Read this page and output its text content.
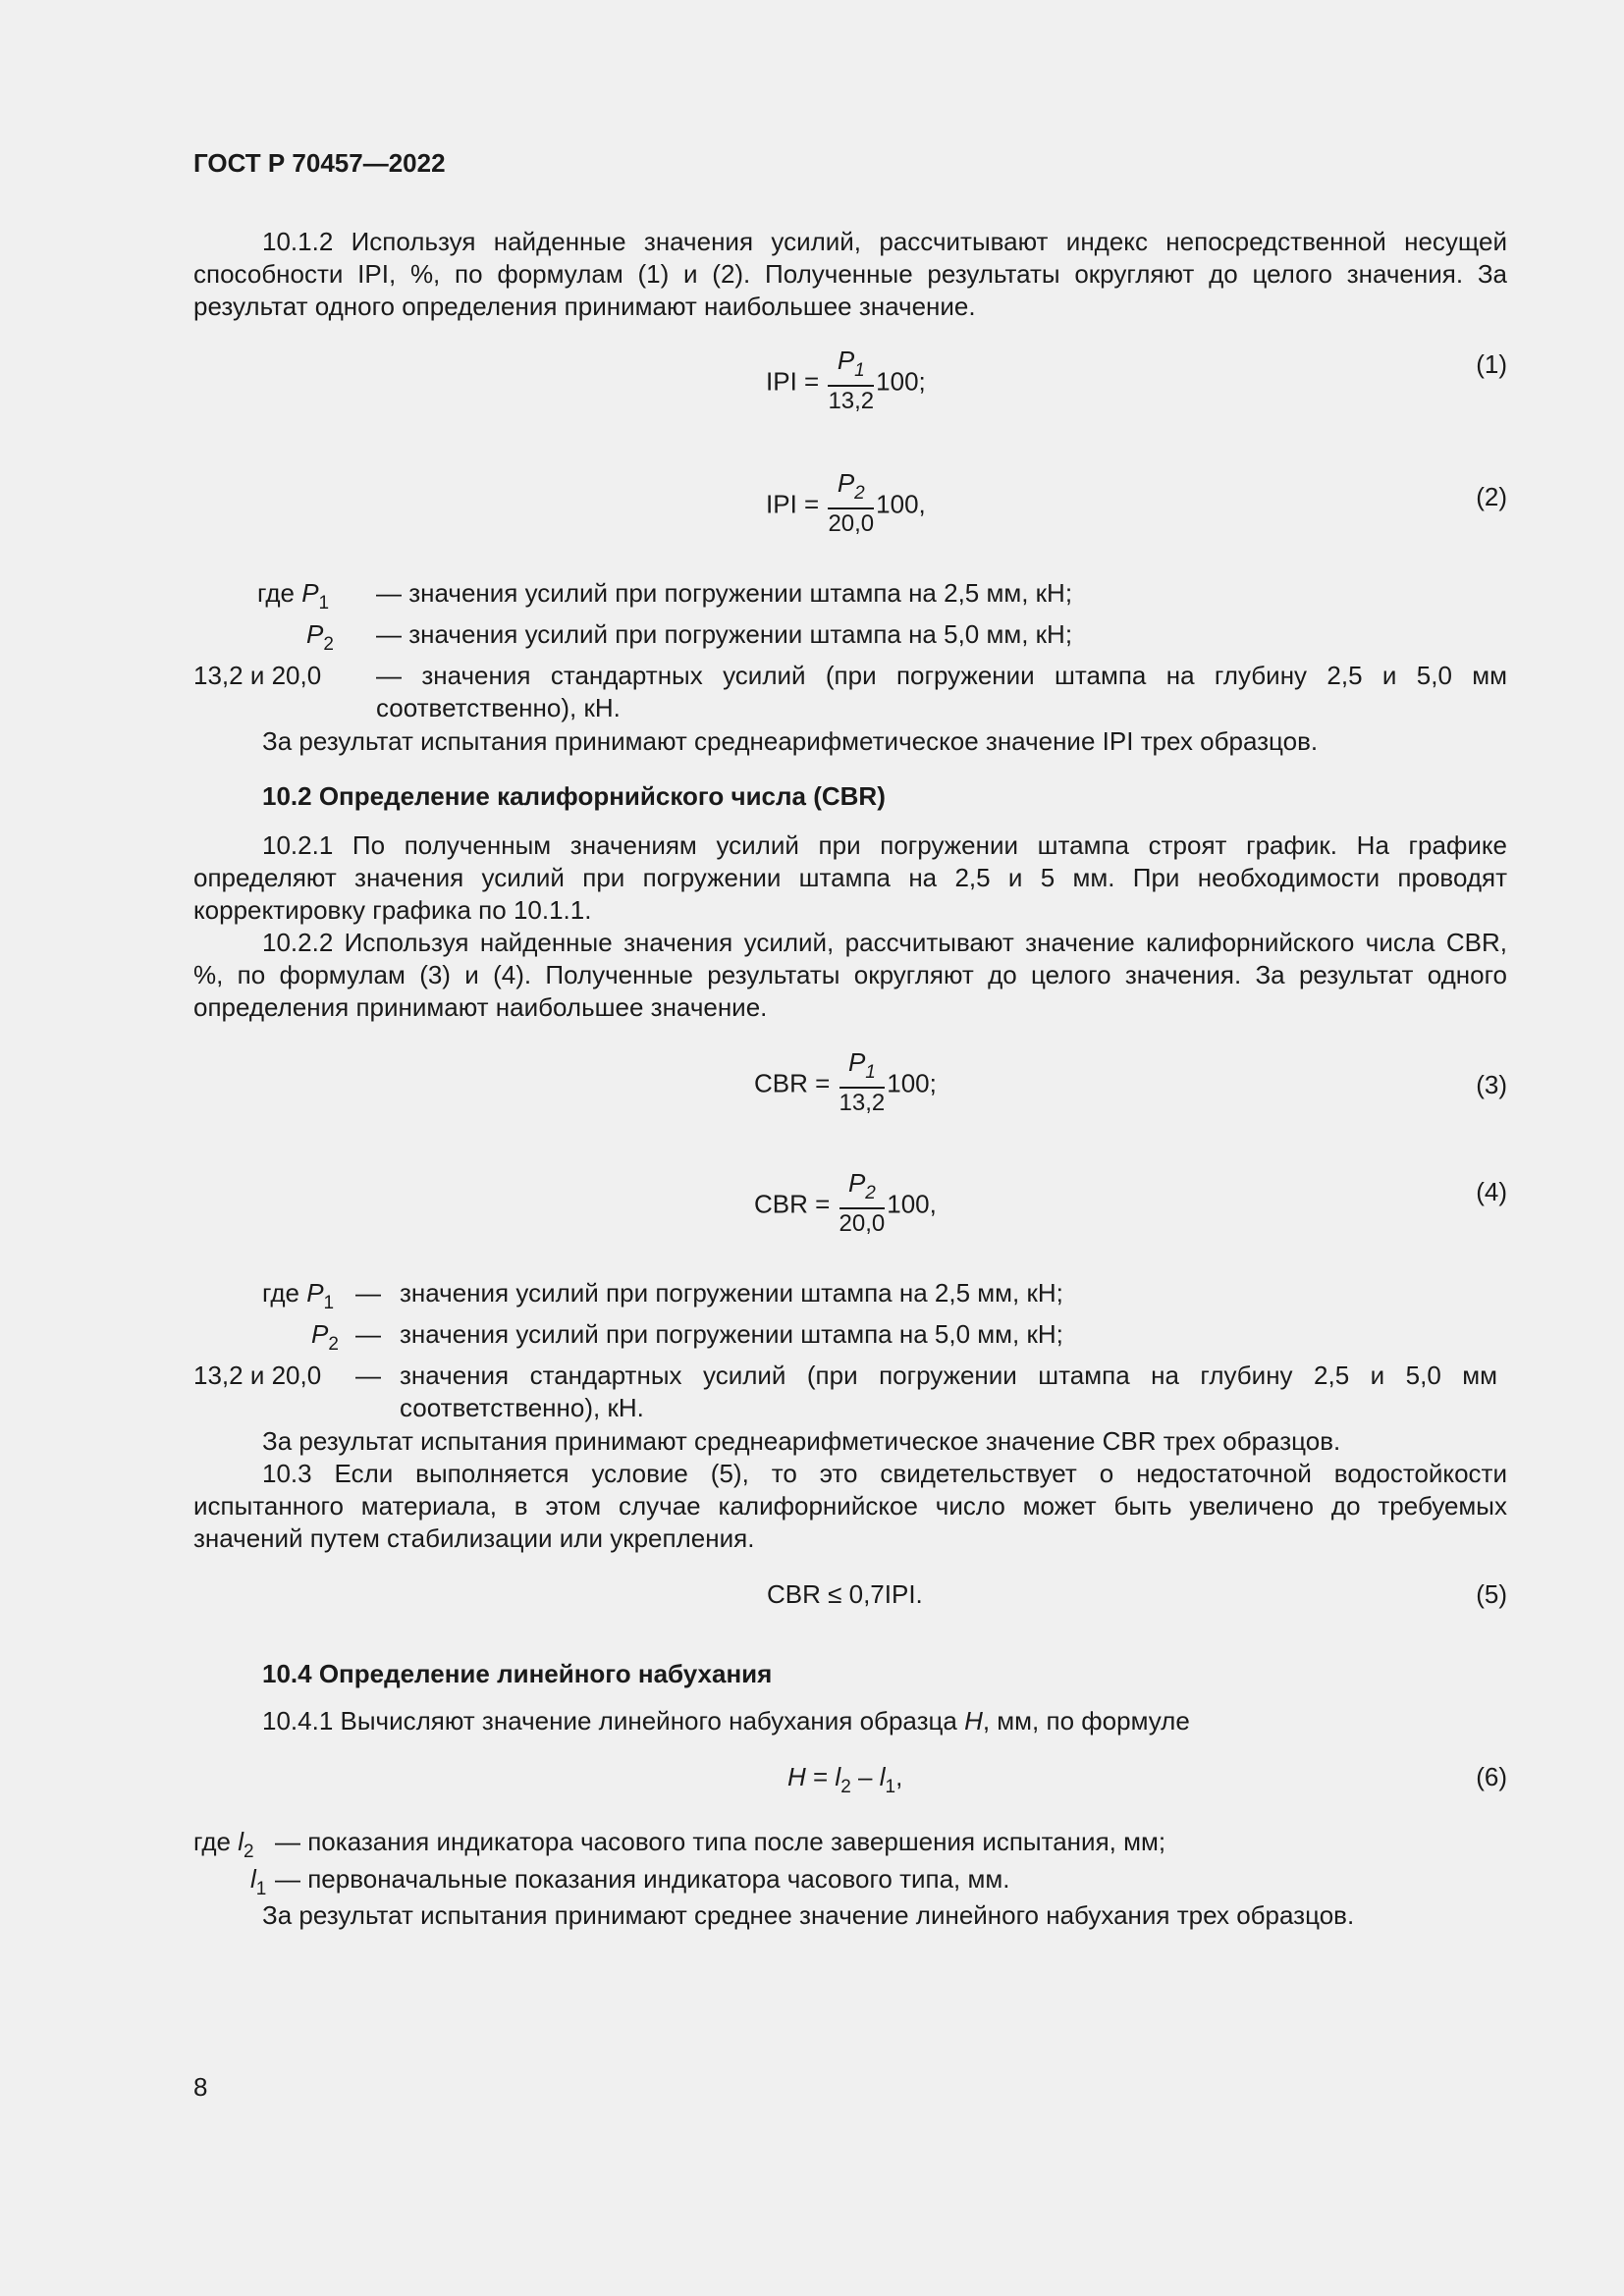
ГОСТ Р 70457—2022

10.1.2 Используя найденные значения усилий, рассчитывают индекс непосредственной несущей способности IPI, %, по формулам (1) и (2). Полученные результаты округляют до целого значения. За результат одного определения принимают наибольшее значение.

IPI = $\frac{P_1}{13,2} 100$;
(1)
IPI = $\frac{P_2}{20,0} 100$,	(2)
где $P_1$	— значения усилий при погружении штампа на 2,5 мм, кН;
$P_2$	— значения усилий при погружении штампа на 5,0 мм, кН;
13,2 и 20,0	— значения стандартных усилий (при погружении штампа на глубину 2,5 и 5,0 мм
соответственно), кН.
За результат испытания принимают среднеарифметическое значение IPI трех образцов.
10.2 Определение калифорнийского числа (CBR)

10.2.1 По полученным значениям усилий при погружении штампа строят график. На графике определяют значения усилий при погружении штампа на 2,5 и 5 мм. При необходимости проводят корректировку графика по 10.1.1.

10.2.2 Используя найденные значения усилий, рассчитывают значение калифорнийского числа CBR, %, по формулам (3) и (4). Полученные результаты округляют до целого значения. За результат одного определения принимают наибольшее значение.

CBR = $\frac{P_1}{13,2} 100$;	(3)
CBR = $\frac{P_2}{20,0} 100$,	(4)
где $P_1$ — значения усилий при погружении штампа на 2,5 мм, кН;
$P_2$ — значения усилий при погружении штампа на 5,0 мм, кН;
13,2 и 20,0	— значения стандартных усилий (при погружении штампа на глубину 2,5 и 5,0 мм
соответственно), кН.
За результат испытания принимают среднеарифметическое значение CBR трех образцов.

10.3 Если выполняется условие (5), то это свидетельствует о недостаточной водостойкости испытанного материала, в этом случае калифорнийское число может быть увеличено до требуемых значений путем стабилизации или укрепления.

CBR ≤ 0,7IPI.	(5)
10.4 Определение линейного набухания
10.4.1 Вычисляют значение линейного набухания образца H, мм, по формуле
$H = l_2 - l_1$,	(6)
где $l_2$ — показания индикатора часового типа после завершения испытания, мм;
$l_1$ — первоначальные показания индикатора часового типа, мм.
За результат испытания принимают среднее значение линейного набухания трех образцов.
8
